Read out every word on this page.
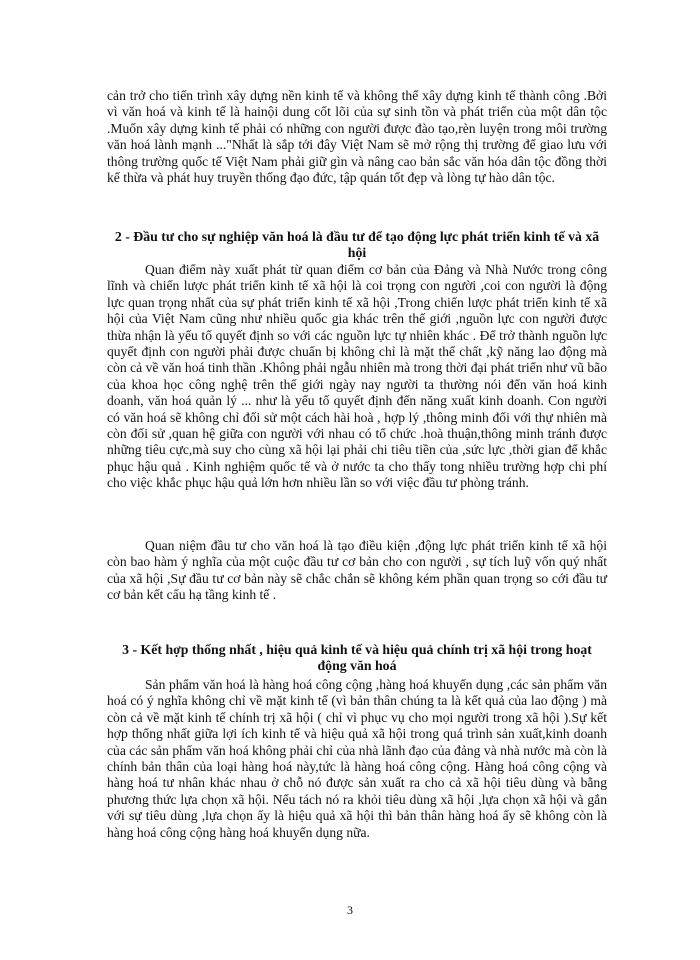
cản trở cho tiến trình xây dựng nền kinh tế và không thể xây dựng kinh tế thành công .Bởi vì văn hoá và kinh tế là hainội dung cốt lõi của sự sinh tồn và phát triển của một dân tộc .Muốn xây dựng kinh tế phải có những con người được đào tạo,rèn luyện trong môi trường văn hoá lành mạnh ..."Nhất là sắp tới đây Việt Nam sẽ mở rộng thị trường để giao lưu với thông trường quốc tế Việt Nam phải giữ gìn và nâng cao bản sắc văn hóa dân tộc đồng thời kế thừa và phát huy truyền thống đạo đức, tập quán tốt đẹp và lòng tự hào dân tộc.

2 - Đầu tư cho sự nghiệp văn hoá là đầu tư để tạo động lực phát triển kinh tế và xã hội

Quan điểm này xuất phát từ quan điểm cơ bản của Đảng và Nhà Nước trong công lĩnh và chiến lược phát triển kinh tế xã hội là coi trọng con người ,coi con người là động lực quan trọng nhất của sự phát triển kinh tế xã hội ,Trong chiến lược phát triển kinh tế xã hội của Việt Nam cũng như nhiều quốc gia khác trên thế giới ,nguồn lực con người được thừa nhận là yếu tố quyết định so với các nguồn lực tự nhiên khác . Để trở thành nguồn lực quyết định con người phải được chuẩn bị không chỉ là mặt thể chất ,kỹ năng lao động mà còn cả về văn hoá tinh thần .Không phải ngẫu nhiên mà trong thời đại phát triển như vũ bão của khoa học công nghệ trên thế giới ngày nay người ta thường nói đến văn hoá kinh doanh, văn hoá quản lý ... như là yếu tố quyết định đến năng xuất kinh doanh. Con người có văn hoá sẽ không chỉ đối sử một cách hài hoà , hợp lý ,thông minh đối với thự nhiên mà còn đối sử ,quan hệ giữa con người với nhau có tổ chức .hoà thuận,thông minh tránh được những tiêu cực,mà suy cho cùng xã hội lại phải chi tiêu tiền của ,sức lực ,thời gian để khắc phục hậu quả . Kinh nghiệm quốc tế và ở nước ta cho thấy tong nhiều trường hợp chi phí cho việc khắc phục hậu quả lớn hơn nhiều lần so với việc đầu tư phòng tránh.

Quan niệm đầu tư cho văn hoá là tạo điều kiện ,động lực phát triển kinh tế xã hội còn bao hàm ý nghĩa của một cuộc đầu tư cơ bản cho con người , sự tích luỹ vốn quý nhất của xã hội ,Sự đầu tư cơ bản này sẽ chắc chắn sẽ không kém phần quan trọng so cới đầu tư cơ bản kết cấu hạ tầng kinh tế .

3 - Kết hợp thống nhất , hiệu quả kinh tế và hiệu quả chính trị xã hội trong hoạt động văn hoá

Sản phẩm văn hoá là hàng hoá công cộng ,hàng hoá khuyến dụng ,các sản phẩm văn hoá có ý nghĩa không chỉ về mặt kinh tế (vì bản thân chúng ta là kết quả của lao động ) mà còn cả về mặt kinh tế chính trị xã hội ( chỉ vì phục vụ cho mọi người trong xã hội ).Sự kết hợp thống nhất giữa lợi ích kinh tế và hiệu quả xã hội trong quá trình sản xuất,kinh doanh của các sản phẩm văn hoá không phải chỉ của nhà lãnh đạo của đảng và nhà nước mà còn là chính bản thân của loại hàng hoá này,tức là hàng hoá công cộng. Hàng hoá công cộng và hàng hoá tư nhân khác nhau ở chỗ nó được sản xuất ra cho cả xã hội tiêu dùng và bằng phương thức lựa chọn xã hội. Nếu tách nó ra khỏi tiêu dùng xã hội ,lựa chọn xã hội và gắn với sự tiêu dùng ,lựa chọn ấy là hiệu quả xã hội thì bản thân hàng hoá ấy sẽ không còn là hàng hoá công cộng hàng hoá khuyến dụng nữa.

3
